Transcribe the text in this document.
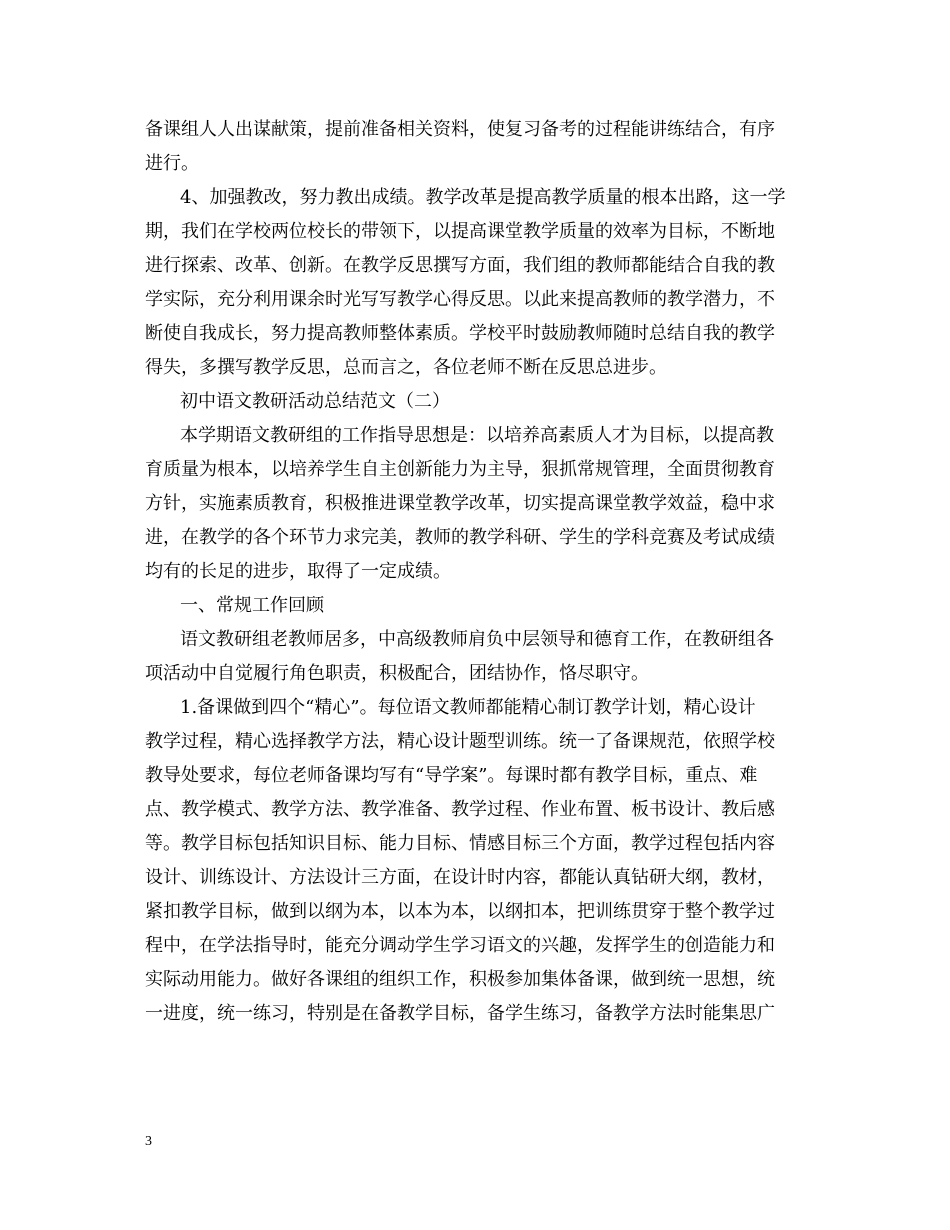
备课组人人出谋献策，提前准备相关资料，使复习备考的过程能讲练结合，有序
进行。
4、加强教改，努力教出成绩。教学改革是提高教学质量的根本出路，这一学
期，我们在学校两位校长的带领下，以提高课堂教学质量的效率为目标，不断地
进行探索、改革、创新。在教学反思撰写方面，我们组的教师都能结合自我的教
学实际，充分利用课余时光写写教学心得反思。以此来提高教师的教学潜力，不
断使自我成长，努力提高教师整体素质。学校平时鼓励教师随时总结自我的教学
得失，多撰写教学反思，总而言之，各位老师不断在反思总进步。
初中语文教研活动总结范文（二）
本学期语文教研组的工作指导思想是：以培养高素质人才为目标，以提高教
育质量为根本，以培养学生自主创新能力为主导，狠抓常规管理，全面贯彻教育
方针，实施素质教育，积极推进课堂教学改革，切实提高课堂教学效益，稳中求
进，在教学的各个环节力求完美，教师的教学科研、学生的学科竞赛及考试成绩
均有的长足的进步，取得了一定成绩。
一、常规工作回顾
语文教研组老教师居多，中高级教师肩负中层领导和德育工作，在教研组各
项活动中自觉履行角色职责，积极配合，团结协作，恪尽职守。
1.备课做到四个“精心”。每位语文教师都能精心制订教学计划，精心设计
教学过程，精心选择教学方法，精心设计题型训练。统一了备课规范，依照学校
教导处要求，每位老师备课均写有“导学案”。每课时都有教学目标，重点、难
点、教学模式、教学方法、教学准备、教学过程、作业布置、板书设计、教后感
等。教学目标包括知识目标、能力目标、情感目标三个方面，教学过程包括内容
设计、训练设计、方法设计三方面，在设计时内容，都能认真钻研大纲，教材，
紧扣教学目标，做到以纲为本，以本为本，以纲扣本，把训练贯穿于整个教学过
程中，在学法指导时，能充分调动学生学习语文的兴趣，发挥学生的创造能力和
实际动用能力。做好各课组的组织工作，积极参加集体备课，做到统一思想，统
一进度，统一练习，特别是在备教学目标，备学生练习，备教学方法时能集思广
3
